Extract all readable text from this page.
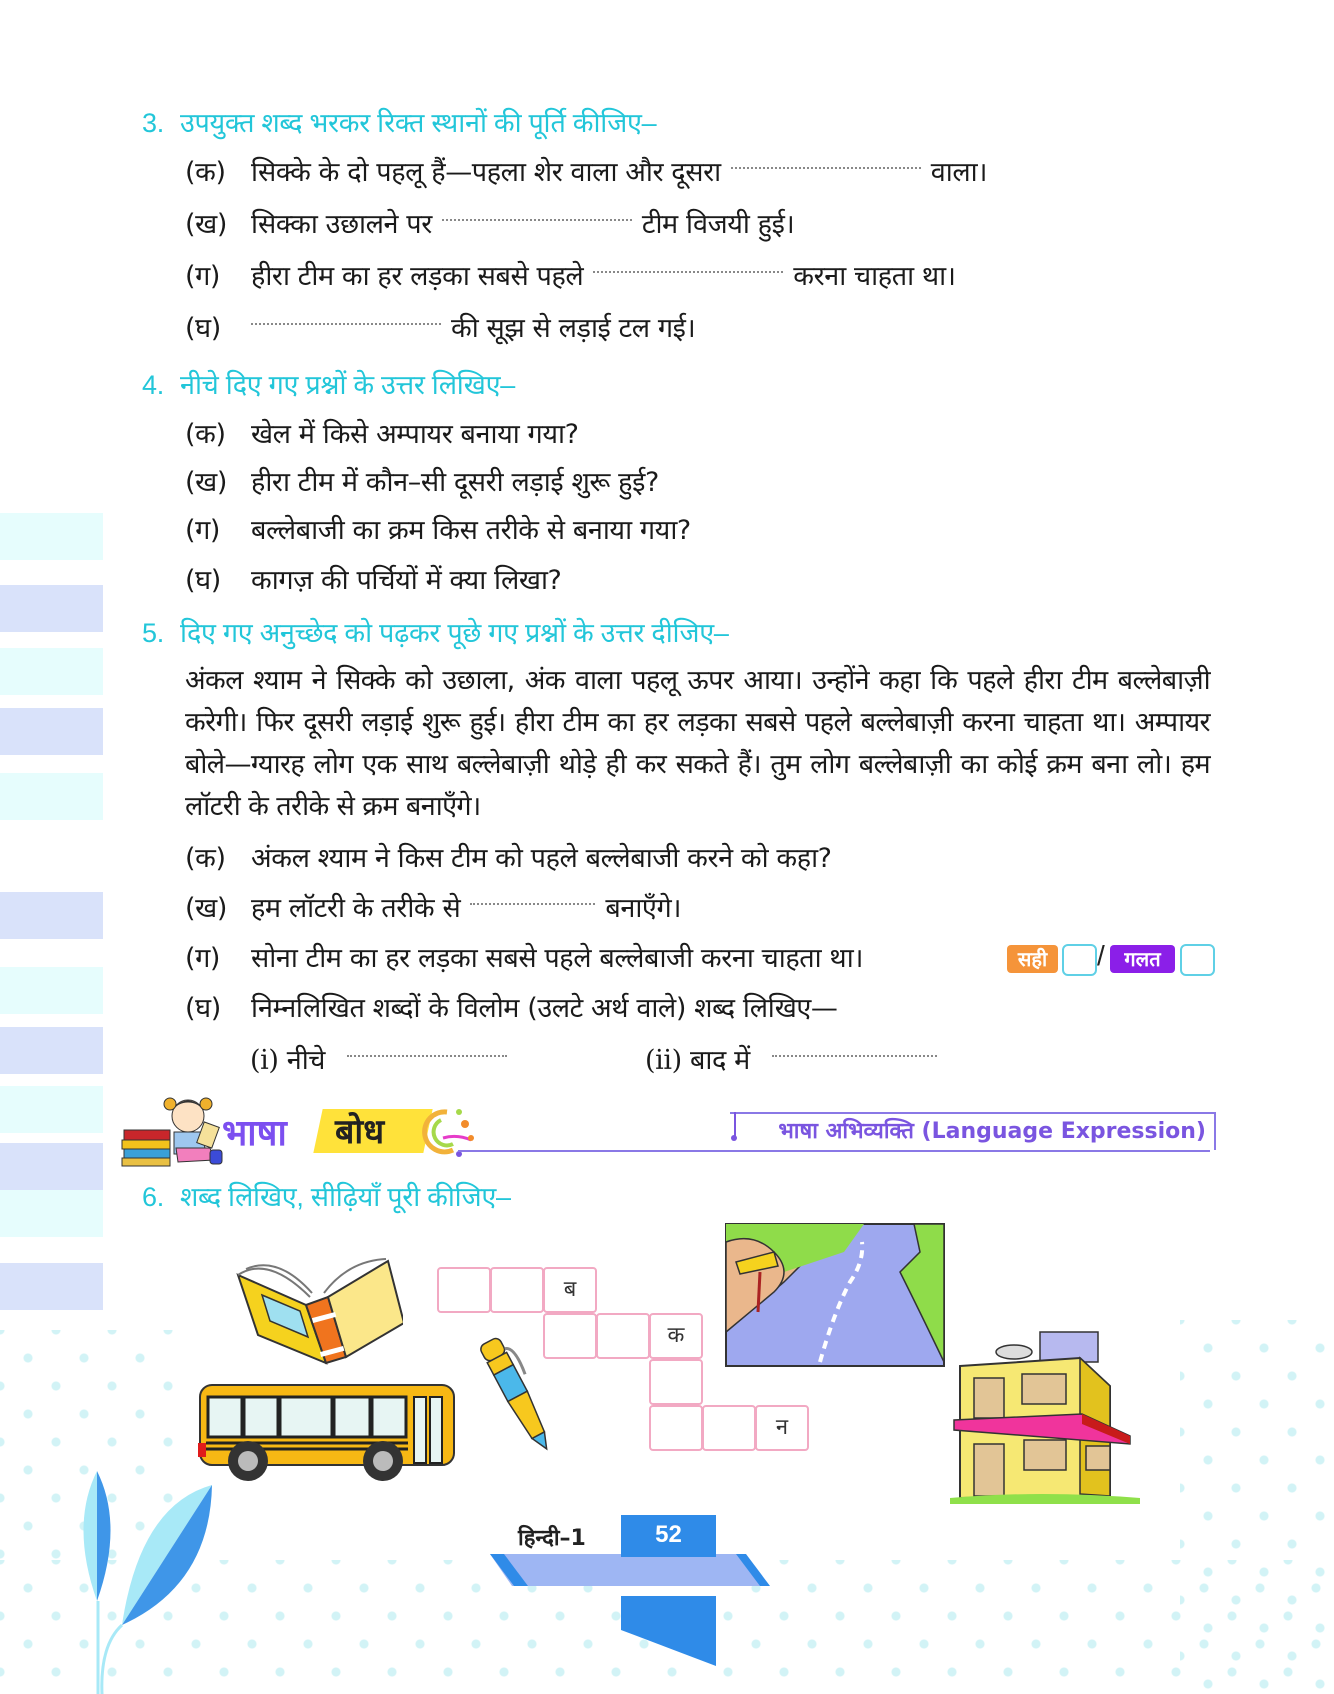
3. उपयुक्त शब्द भरकर रिक्त स्थानों की पूर्ति कीजिए–
(क) सिक्के के दो पहलू हैं—पहला शेर वाला और दूसरा	वाला।
(ख) सिक्का उछालने पर	टीम विजयी हुई।
(ग) हीरा टीम का हर लड़का सबसे पहले	करना चाहता था।
(घ)	की सूझ से लड़ाई टल गई।
4. नीचे दिए गए प्रश्नों के उत्तर लिखिए–
(क) खेल में किसे अम्पायर बनाया गया?
(ख) हीरा टीम में कौन–सी दूसरी लड़ाई शुरू हुई?
(ग) बल्लेबाजी का क्रम किस तरीके से बनाया गया?
(घ) कागज़ की पर्चियों में क्या लिखा?
5. दिए गए अनुच्छेद को पढ़कर पूछे गए प्रश्नों के उत्तर दीजिए–
अंकल श्याम ने सिक्के को उछाला, अंक वाला पहलू ऊपर आया। उन्होंने कहा कि पहले हीरा टीम बल्लेबाज़ी करेगी। फिर दूसरी लड़ाई शुरू हुई। हीरा टीम का हर लड़का सबसे पहले बल्लेबाज़ी करना चाहता था। अम्पायर बोले—ग्यारह लोग एक साथ बल्लेबाज़ी थोड़े ही कर सकते हैं। तुम लोग बल्लेबाज़ी का कोई क्रम बना लो। हम लॉटरी के तरीके से क्रम बनाएँगे।
(क) अंकल श्याम ने किस टीम को पहले बल्लेबाजी करने को कहा?
(ख) हम लॉटरी के तरीके से	बनाएँगे।
(ग) सोना टीम का हर लड़का सबसे पहले बल्लेबाजी करना चाहता था।	सही	/ गलत
(घ) निम्नलिखित शब्दों के विलोम (उलटे अर्थ वाले) शब्द लिखिए—
(i) नीचे	(ii) बाद में
भाषा बोध	भाषा अभिव्यक्ति (Language Expression)
6. शब्द लिखिए, सीढ़ियाँ पूरी कीजिए–
ब
क
न
हिन्दी–1	52
